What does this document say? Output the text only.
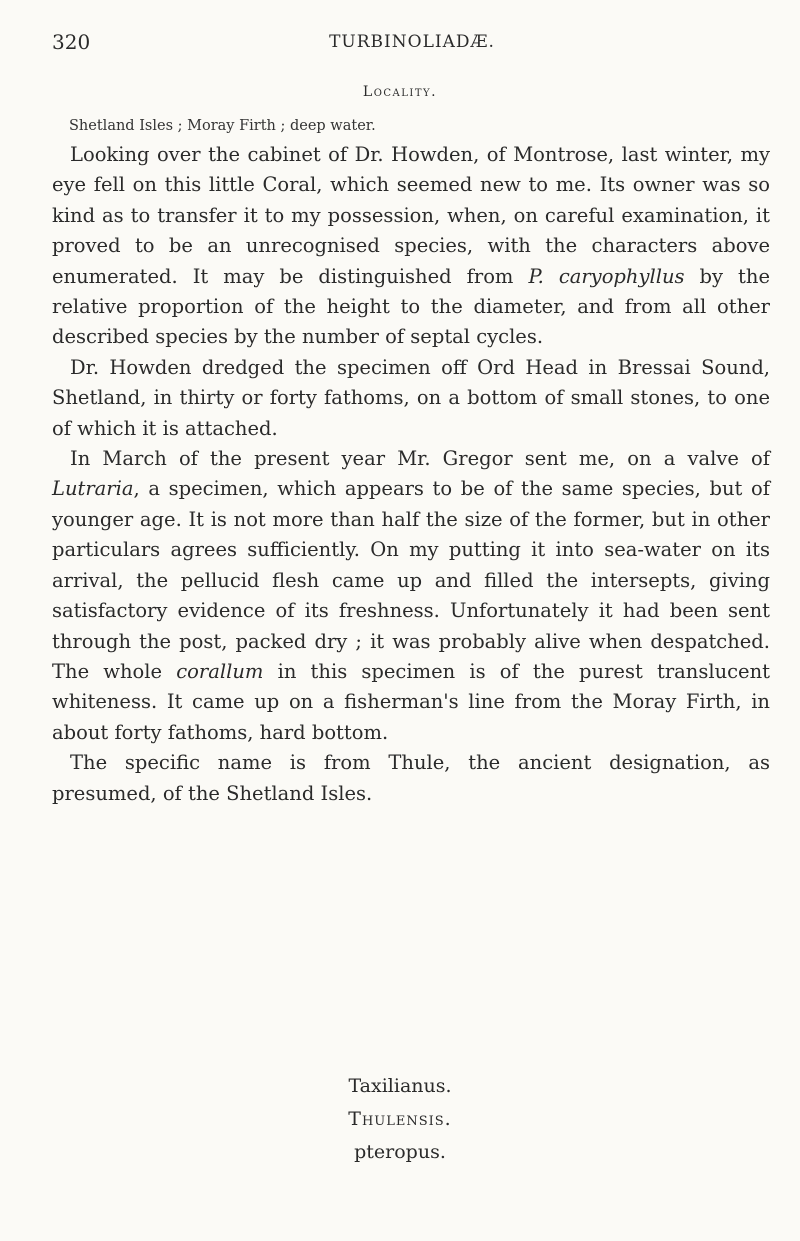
320	TURBINOLIADÆ.
Locality.
Shetland Isles ; Moray Firth ; deep water.

Looking over the cabinet of Dr. Howden, of Montrose, last winter, my eye fell on this little Coral, which seemed new to me. Its owner was so kind as to transfer it to my possession, when, on careful examination, it proved to be an unrecognised species, with the characters above enumerated. It may be distinguished from P. caryophyllus by the relative proportion of the height to the diameter, and from all other described species by the number of septal cycles.

Dr. Howden dredged the specimen off Ord Head in Bressai Sound, Shetland, in thirty or forty fathoms, on a bottom of small stones, to one of which it is attached.

In March of the present year Mr. Gregor sent me, on a valve of Lutraria, a specimen, which appears to be of the same species, but of younger age. It is not more than half the size of the former, but in other particulars agrees sufficiently. On my putting it into sea-water on its arrival, the pellucid flesh came up and filled the intersepts, giving satisfactory evidence of its freshness. Unfortunately it had been sent through the post, packed dry ; it was probably alive when despatched. The whole corallum in this specimen is of the purest translucent whiteness. It came up on a fisherman's line from the Moray Firth, in about forty fathoms, hard bottom.

The specific name is from Thule, the ancient designation, as presumed, of the Shetland Isles.

Taxilianus.
Thulensis.
pteropus.
